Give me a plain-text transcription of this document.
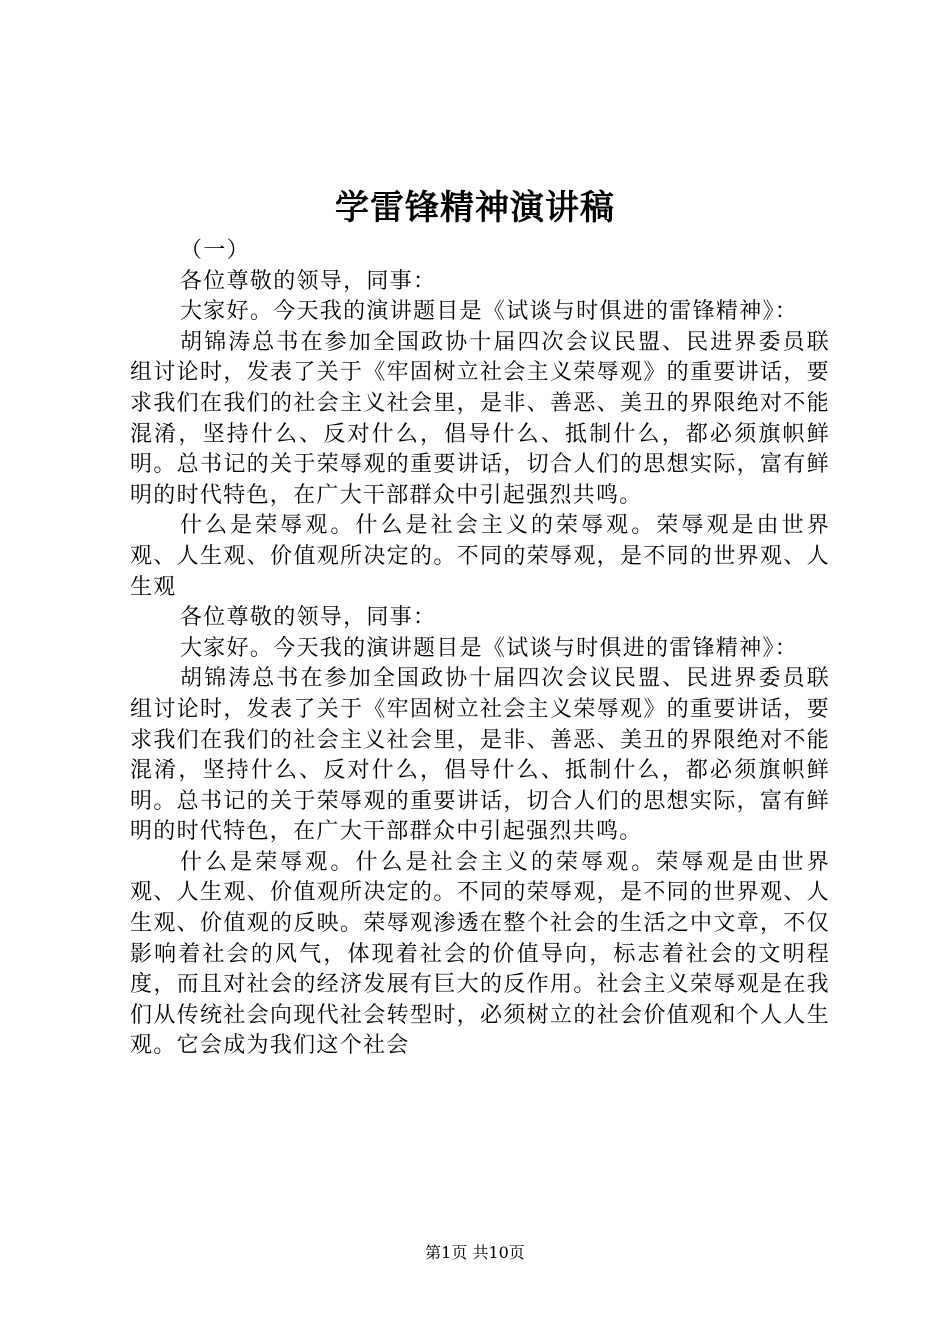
学雷锋精神演讲稿

（一）

各位尊敬的领导，同事：

大家好。今天我的演讲题目是《试谈与时俱进的雷锋精神》：

胡锦涛总书在参加全国政协十届四次会议民盟、民进界委员联组讨论时，发表了关于《牢固树立社会主义荣辱观》的重要讲话，要求我们在我们的社会主义社会里，是非、善恶、美丑的界限绝对不能混淆，坚持什么、反对什么，倡导什么、抵制什么，都必须旗帜鲜明。总书记的关于荣辱观的重要讲话，切合人们的思想实际，富有鲜明的时代特色，在广大干部群众中引起强烈共鸣。

什么是荣辱观。什么是社会主义的荣辱观。荣辱观是由世界观、人生观、价值观所决定的。不同的荣辱观，是不同的世界观、人生观

各位尊敬的领导，同事：

大家好。今天我的演讲题目是《试谈与时俱进的雷锋精神》：

胡锦涛总书在参加全国政协十届四次会议民盟、民进界委员联组讨论时，发表了关于《牢固树立社会主义荣辱观》的重要讲话，要求我们在我们的社会主义社会里，是非、善恶、美丑的界限绝对不能混淆，坚持什么、反对什么，倡导什么、抵制什么，都必须旗帜鲜明。总书记的关于荣辱观的重要讲话，切合人们的思想实际，富有鲜明的时代特色，在广大干部群众中引起强烈共鸣。

什么是荣辱观。什么是社会主义的荣辱观。荣辱观是由世界观、人生观、价值观所决定的。不同的荣辱观，是不同的世界观、人生观、价值观的反映。荣辱观渗透在整个社会的生活之中文章，不仅影响着社会的风气，体现着社会的价值导向，标志着社会的文明程度，而且对社会的经济发展有巨大的反作用。社会主义荣辱观是在我们从传统社会向现代社会转型时，必须树立的社会价值观和个人人生观。它会成为我们这个社会

第1页 共10页
